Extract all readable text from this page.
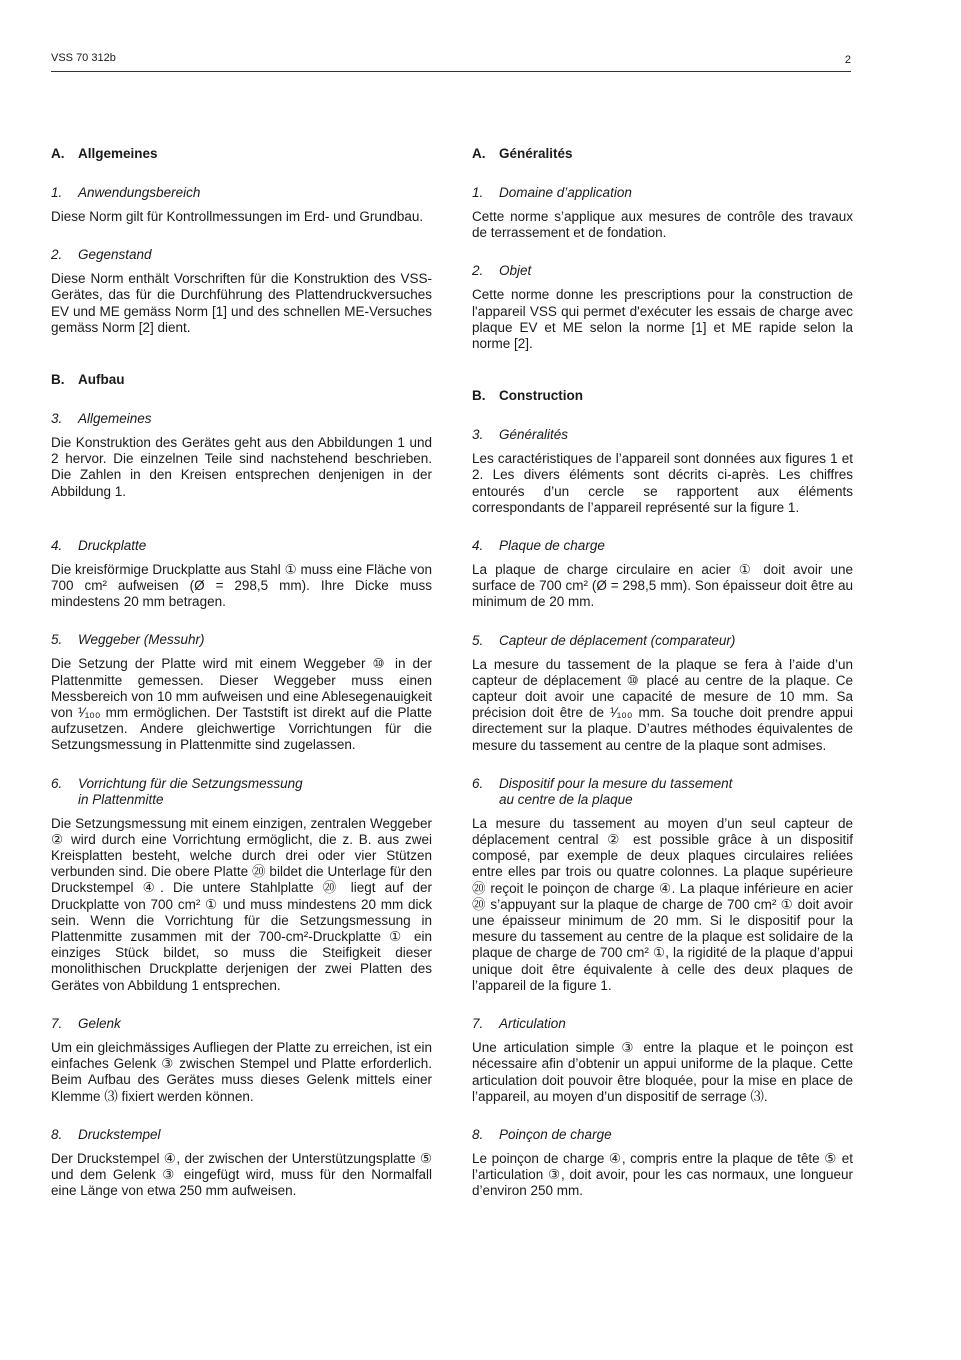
VSS 70 312b	2
A. Allgemeines
1. Anwendungsbereich

Diese Norm gilt für Kontrollmessungen im Erd- und Grundbau.

2. Gegenstand

Diese Norm enthält Vorschriften für die Konstruktion des VSS-Gerätes, das für die Durchführung des Plattendruckversuches EV und ME gemäss Norm [1] und des schnellen ME-Versuches gemäss Norm [2] dient.

B. Aufbau
3. Allgemeines

Die Konstruktion des Gerätes geht aus den Abbildungen 1 und 2 hervor. Die einzelnen Teile sind nachstehend beschrieben. Die Zahlen in den Kreisen entsprechen denjenigen in der Abbildung 1.

4. Druckplatte

Die kreisförmige Druckplatte aus Stahl ① muss eine Fläche von 700 cm² aufweisen (Ø = 298,5 mm). Ihre Dicke muss mindestens 20 mm betragen.

5. Weggeber (Messuhr)

Die Setzung der Platte wird mit einem Weggeber ⑩ in der Plattenmitte gemessen. Dieser Weggeber muss einen Messbereich von 10 mm aufweisen und eine Ablesegenauigkeit von ¹⁄₁₀₀ mm ermöglichen. Der Taststift ist direkt auf die Platte aufzusetzen. Andere gleichwertige Vorrichtungen für die Setzungsmessung in Plattenmitte sind zugelassen.

6. Vorrichtung für die Setzungsmessung
in Plattenmitte

Die Setzungsmessung mit einem einzigen, zentralen Weggeber ② wird durch eine Vorrichtung ermöglicht, die z. B. aus zwei Kreisplatten besteht, welche durch drei oder vier Stützen verbunden sind. Die obere Platte ⑳ bildet die Unterlage für den Druckstempel ④. Die untere Stahlplatte ⑳ liegt auf der Druckplatte von 700 cm² ① und muss mindestens 20 mm dick sein. Wenn die Vorrichtung für die Setzungsmessung in Plattenmitte zusammen mit der 700-cm²-Druckplatte ① ein einziges Stück bildet, so muss die Steifigkeit dieser monolithischen Druckplatte derjenigen der zwei Platten des Gerätes von Abbildung 1 entsprechen.

7. Gelenk

Um ein gleichmässiges Aufliegen der Platte zu erreichen, ist ein einfaches Gelenk ③ zwischen Stempel und Platte erforderlich. Beim Aufbau des Gerätes muss dieses Gelenk mittels einer Klemme ⑶ fixiert werden können.

8. Druckstempel

Der Druckstempel ④, der zwischen der Unterstützungsplatte ⑤ und dem Gelenk ③ eingefügt wird, muss für den Normalfall eine Länge von etwa 250 mm aufweisen.

A. Généralités
1. Domaine d’application

Cette norme s’applique aux mesures de contrôle des travaux de terrassement et de fondation.

2. Objet

Cette norme donne les prescriptions pour la construction de l'appareil VSS qui permet d'exécuter les essais de charge avec plaque EV et ME selon la norme [1] et ME rapide selon la norme [2].

B. Construction
3. Généralités

Les caractéristiques de l’appareil sont données aux figures 1 et 2. Les divers éléments sont décrits ci-après. Les chiffres entourés d’un cercle se rapportent aux éléments correspondants de l’appareil représenté sur la figure 1.

4. Plaque de charge

La plaque de charge circulaire en acier ① doit avoir une surface de 700 cm² (Ø = 298,5 mm). Son épaisseur doit être au minimum de 20 mm.

5. Capteur de déplacement (comparateur)

La mesure du tassement de la plaque se fera à l’aide d’un capteur de déplacement ⑩ placé au centre de la plaque. Ce capteur doit avoir une capacité de mesure de 10 mm. Sa précision doit être de ¹⁄₁₀₀ mm. Sa touche doit prendre appui directement sur la plaque. D’autres méthodes équivalentes de mesure du tassement au centre de la plaque sont admises.

6. Dispositif pour la mesure du tassement
au centre de la plaque

La mesure du tassement au moyen d’un seul capteur de déplacement central ② est possible grâce à un dispositif composé, par exemple de deux plaques circulaires reliées entre elles par trois ou quatre colonnes. La plaque supérieure ⑳ reçoit le poinçon de charge ④. La plaque inférieure en acier ⑳ s’appuyant sur la plaque de charge de 700 cm² ① doit avoir une épaisseur minimum de 20 mm. Si le dispositif pour la mesure du tassement au centre de la plaque est solidaire de la plaque de charge de 700 cm² ①, la rigidité de la plaque d’appui unique doit être équivalente à celle des deux plaques de l’appareil de la figure 1.

7. Articulation

Une articulation simple ③ entre la plaque et le poinçon est nécessaire afin d’obtenir un appui uniforme de la plaque. Cette articulation doit pouvoir être bloquée, pour la mise en place de l’appareil, au moyen d’un dispositif de serrage ⑶.

8. Poinçon de charge

Le poinçon de charge ④, compris entre la plaque de tête ⑤ et l’articulation ③, doit avoir, pour les cas normaux, une longueur d’environ 250 mm.
